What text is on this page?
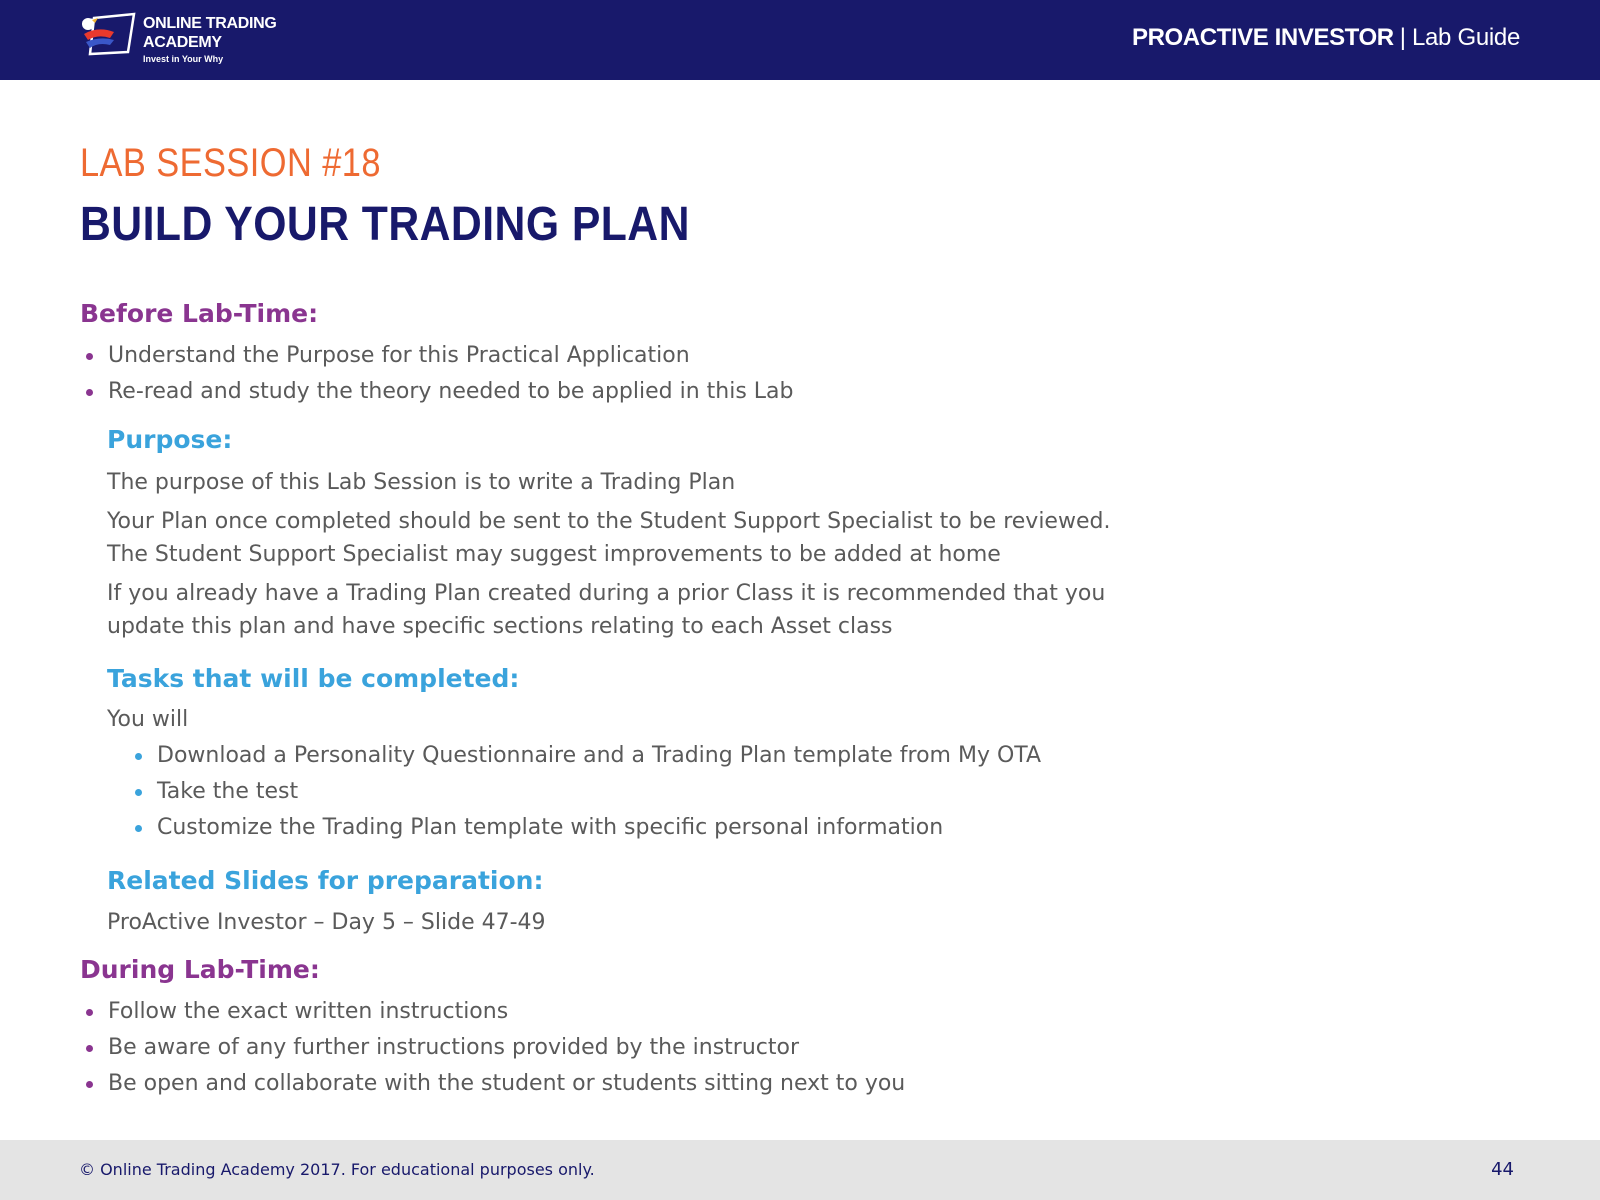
ONLINE TRADING
ACADEMY
Invest in Your Why
PROACTIVE INVESTOR | Lab Guide
LAB SESSION #18
BUILD YOUR TRADING PLAN
Before Lab-Time:
Understand the Purpose for this Practical Application
Re-read and study the theory needed to be applied in this Lab
Purpose:
The purpose of this Lab Session is to write a Trading Plan
Your Plan once completed should be sent to the Student Support Specialist to be reviewed.
The Student Support Specialist may suggest improvements to be added at home
If you already have a Trading Plan created during a prior Class it is recommended that you
update this plan and have specific sections relating to each Asset class
Tasks that will be completed:
You will
Download a Personality Questionnaire and a Trading Plan template from My OTA
Take the test
Customize the Trading Plan template with specific personal information
Related Slides for preparation:
ProActive Investor – Day 5 – Slide 47-49
During Lab-Time:
Follow the exact written instructions
Be aware of any further instructions provided by the instructor
Be open and collaborate with the student or students sitting next to you
© Online Trading Academy 2017. For educational purposes only.	44
